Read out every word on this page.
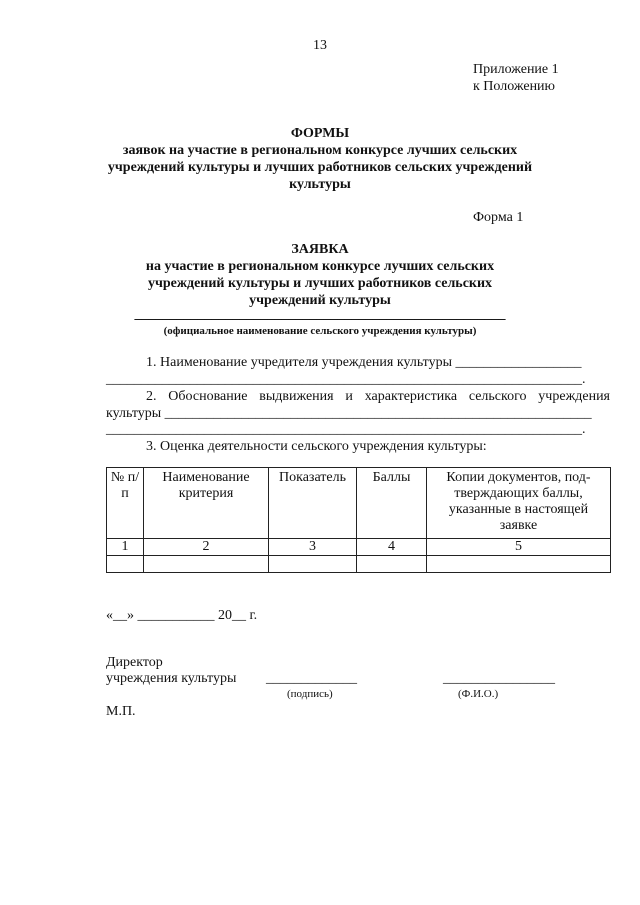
13
Приложение 1
к Положению
ФОРМЫ
заявок на участие в региональном конкурсе лучших сельских
учреждений культуры и лучших работников сельских учреждений
культуры
Форма 1
ЗАЯВКА
на участие в региональном конкурсе лучших сельских
учреждений культуры и лучших работников сельских
учреждений культуры
_____________________________________________________
(официальное наименование сельского учреждения культуры)
1. Наименование учредителя учреждения культуры __________________
____________________________________________________________________.
2. Обоснование выдвижения и характеристика сельского учреждения
культуры _____________________________________________________________
____________________________________________________________________.
3. Оценка деятельности сельского учреждения культуры:
№ п/п	Наименование критерия	Показатель	Баллы	Копии документов, под-тверждающих баллы, указанные в настоящей заявке
1	2	3	4	5

«__» ___________ 20__ г.
Директор
учреждения культуры _____________	________________
(подпись)	(Ф.И.О.)
М.П.
